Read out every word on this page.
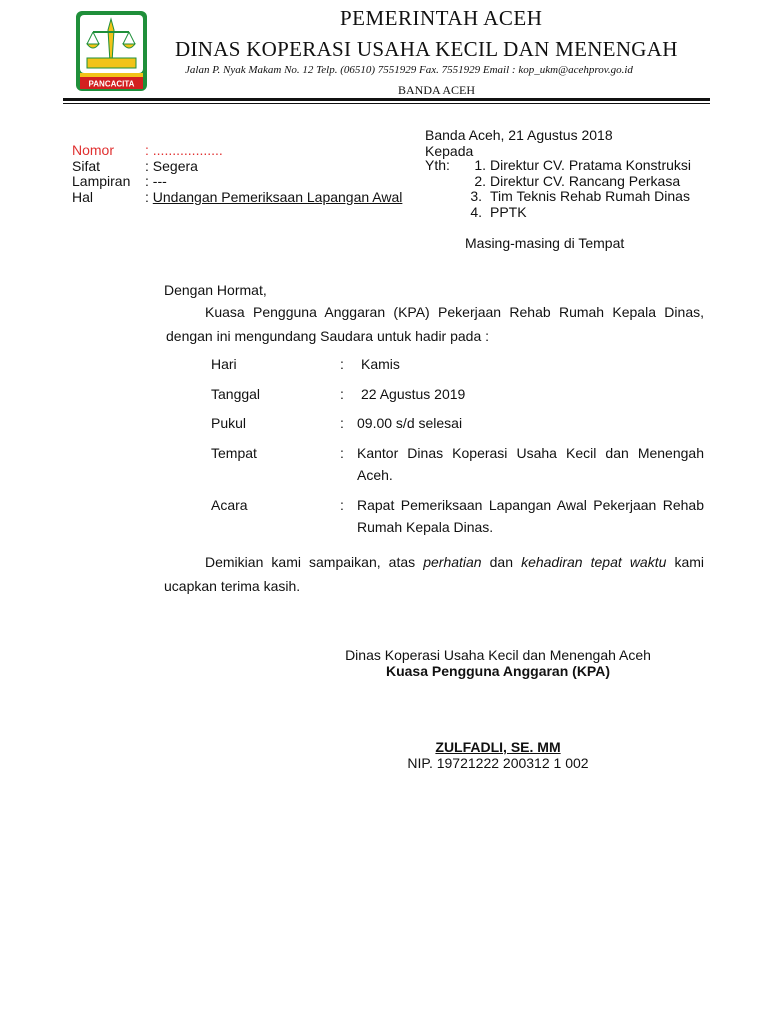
PANCACITA
PEMERINTAH ACEH
DINAS KOPERASI USAHA KECIL DAN MENENGAH
Jalan P. Nyak Makam No. 12 Telp. (06510) 7551929 Fax. 7551929 Email : kop_ukm@acehprov.go.id
BANDA ACEH
Nomor	: ..................
Sifat	: Segera
Lampiran	: ---
Hal	: Undangan Pemeriksaan Lapangan Awal
Banda Aceh, 21 Agustus 2018
Kepada
Yth:	1.	Direktur CV. Pratama Konstruksi
	2.	Direktur CV. Rancang Perkasa
	3.	Tim Teknis Rehab Rumah Dinas
	4.	PPTK
Masing-masing di Tempat
Dengan Hormat,
Kuasa Pengguna Anggaran (KPA) Pekerjaan Rehab Rumah Kepala Dinas,
dengan ini mengundang Saudara untuk hadir pada :
Hari	:	Kamis
Tanggal	:	22 Agustus 2019
Pukul	:	09.00 s/d selesai
Tempat	:	Kantor Dinas Koperasi Usaha Kecil dan Menengah Aceh.
Acara	:	Rapat Pemeriksaan Lapangan Awal Pekerjaan Rehab Rumah Kepala Dinas.
Demikian kami sampaikan, atas perhatian dan kehadiran tepat waktu kami ucapkan terima kasih.
Dinas Koperasi Usaha Kecil dan Menengah Aceh
Kuasa Pengguna Anggaran (KPA)
ZULFADLI, SE. MM
NIP. 19721222 200312 1 002
